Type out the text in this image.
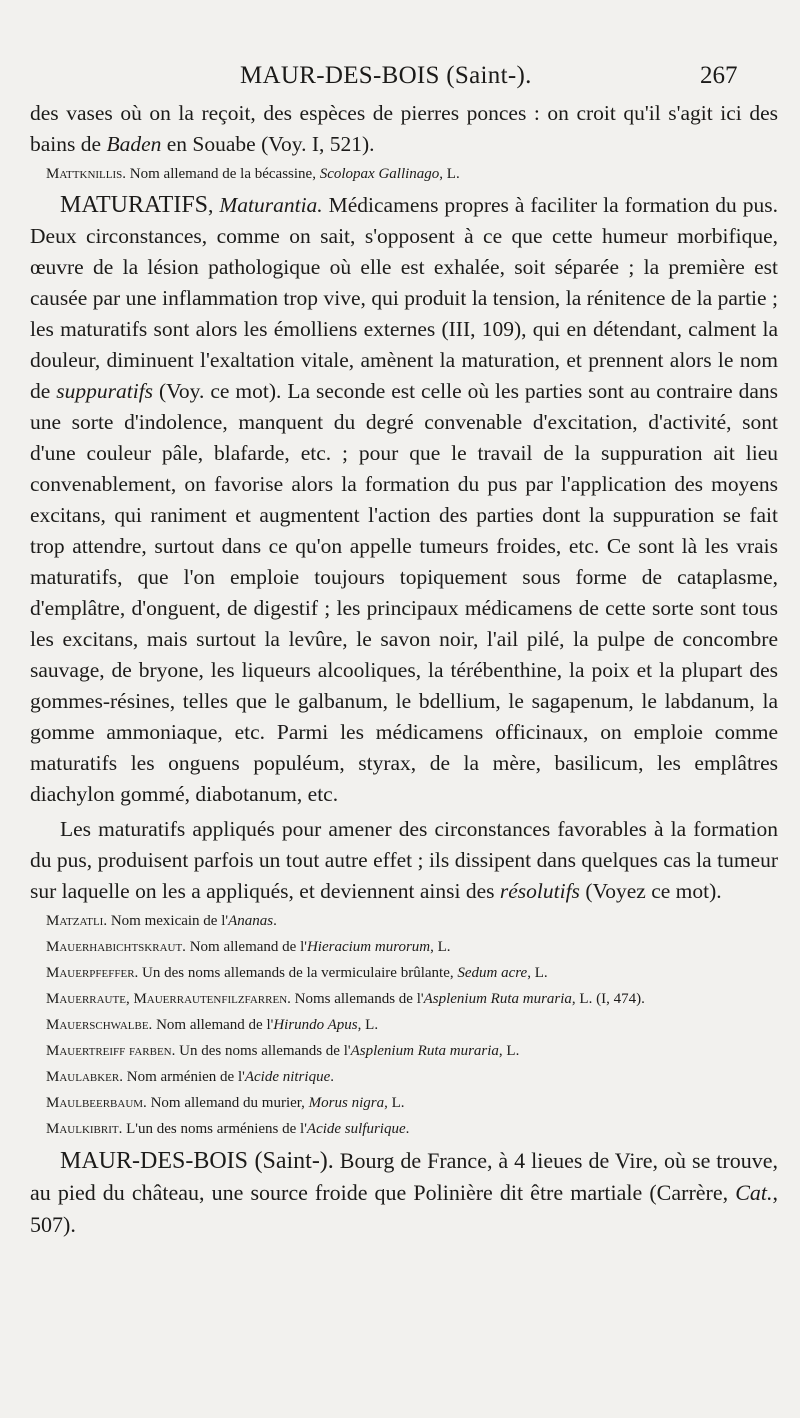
MAUR-DES-BOIS (Saint-).	267

des vases où on la reçoit, des espèces de pierres ponces : on croit qu'il s'agit ici des bains de Baden en Souabe (Voy. I, 521).

Mattknillis. Nom allemand de la bécassine, Scolopax Gallinago, L.

MATURATIFS, Maturantia. Médicamens propres à faciliter la formation du pus. Deux circonstances, comme on sait, s'opposent à ce que cette humeur morbifique, œuvre de la lésion pathologique où elle est exhalée, soit séparée ; la première est causée par une inflammation trop vive, qui produit la tension, la rénitence de la partie ; les maturatifs sont alors les émolliens externes (III, 109), qui en détendant, calment la douleur, diminuent l'exaltation vitale, amènent la maturation, et prennent alors le nom de suppuratifs (Voy. ce mot). La seconde est celle où les parties sont au contraire dans une sorte d'indolence, manquent du degré convenable d'excitation, d'activité, sont d'une couleur pâle, blafarde, etc. ; pour que le travail de la suppuration ait lieu convenablement, on favorise alors la formation du pus par l'application des moyens excitans, qui raniment et augmentent l'action des parties dont la suppuration se fait trop attendre, surtout dans ce qu'on appelle tumeurs froides, etc. Ce sont là les vrais maturatifs, que l'on emploie toujours topiquement sous forme de cataplasme, d'emplâtre, d'onguent, de digestif ; les principaux médicamens de cette sorte sont tous les excitans, mais surtout la levûre, le savon noir, l'ail pilé, la pulpe de concombre sauvage, de bryone, les liqueurs alcooliques, la térébenthine, la poix et la plupart des gommes-résines, telles que le galbanum, le bdellium, le sagapenum, le labdanum, la gomme ammoniaque, etc. Parmi les médicamens officinaux, on emploie comme maturatifs les onguens populéum, styrax, de la mère, basilicum, les emplâtres diachylon gommé, diabotanum, etc.

Les maturatifs appliqués pour amener des circonstances favorables à la formation du pus, produisent parfois un tout autre effet ; ils dissipent dans quelques cas la tumeur sur laquelle on les a appliqués, et deviennent ainsi des résolutifs (Voyez ce mot).

Matzatli. Nom mexicain de l'Ananas.

Mauerhabichtskraut. Nom allemand de l'Hieracium murorum, L.

Mauerpfeffer. Un des noms allemands de la vermiculaire brûlante, Sedum acre, L.

Mauerraute, Mauerrautenfilzfarren. Noms allemands de l'Asplenium Ruta muraria, L. (I, 474).

Mauerschwalbe. Nom allemand de l'Hirundo Apus, L.

Mauertreiff farben. Un des noms allemands de l'Asplenium Ruta muraria, L.

Maulabker. Nom arménien de l'Acide nitrique.

Maulbeerbaum. Nom allemand du murier, Morus nigra, L.

Maulkibrit. L'un des noms arméniens de l'Acide sulfurique.

MAUR-DES-BOIS (Saint-). Bourg de France, à 4 lieues de Vire, où se trouve, au pied du château, une source froide que Polinière dit être martiale (Carrère, Cat., 507).
